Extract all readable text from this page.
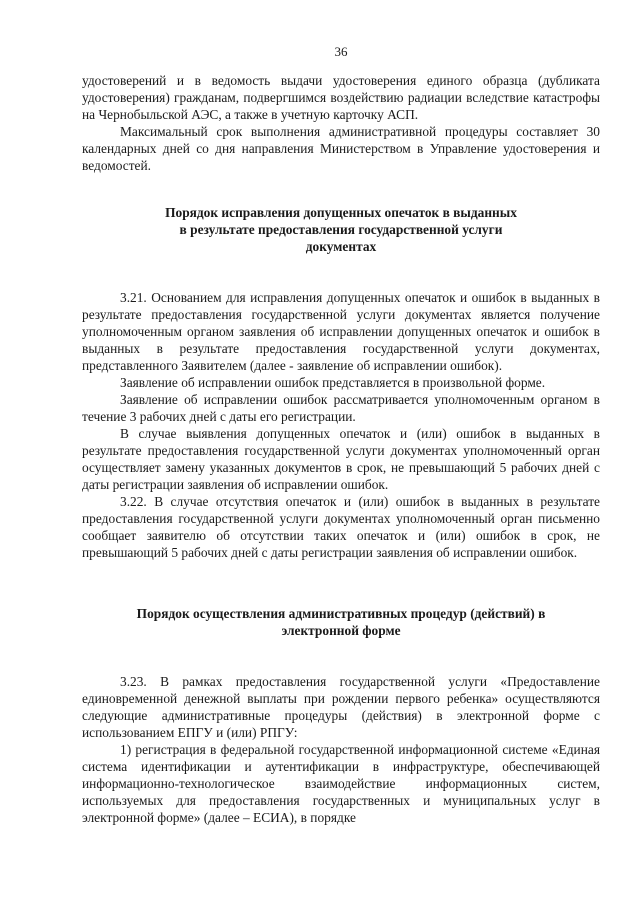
36

удостоверений и в ведомость выдачи удостоверения единого образца (дубликата удостоверения) гражданам, подвергшимся воздействию радиации вследствие катастрофы на Чернобыльской АЭС, а также в учетную карточку АСП.

Максимальный срок выполнения административной процедуры составляет 30 календарных дней со дня направления Министерством в Управление удостоверения и ведомостей.

Порядок исправления допущенных опечаток в выданных
в результате предоставления государственной услуги
документах

3.21. Основанием для исправления допущенных опечаток и ошибок в выданных в результате предоставления государственной услуги документах является получение уполномоченным органом заявления об исправлении допущенных опечаток и ошибок в выданных в результате предоставления государственной услуги документах, представленного Заявителем (далее - заявление об исправлении ошибок).

Заявление об исправлении ошибок представляется в произвольной форме.

Заявление об исправлении ошибок рассматривается уполномоченным органом в течение 3 рабочих дней с даты его регистрации.

В случае выявления допущенных опечаток и (или) ошибок в выданных в результате предоставления государственной услуги документах уполномоченный орган осуществляет замену указанных документов в срок, не превышающий 5 рабочих дней с даты регистрации заявления об исправлении ошибок.

3.22. В случае отсутствия опечаток и (или) ошибок в выданных в результате предоставления государственной услуги документах уполномоченный орган письменно сообщает заявителю об отсутствии таких опечаток и (или) ошибок в срок, не превышающий 5 рабочих дней с даты регистрации заявления об исправлении ошибок.

Порядок осуществления административных процедур (действий) в
электронной форме

3.23. В рамках предоставления государственной услуги «Предоставление единовременной денежной выплаты при рождении первого ребенка» осуществляются следующие административные процедуры (действия) в электронной форме с использованием ЕПГУ и (или) РПГУ:

1) регистрация в федеральной государственной информационной системе «Единая система идентификации и аутентификации в инфраструктуре, обеспечивающей информационно-технологическое взаимодействие информационных систем, используемых для предоставления государственных и муниципальных услуг в электронной форме» (далее – ЕСИА), в порядке
